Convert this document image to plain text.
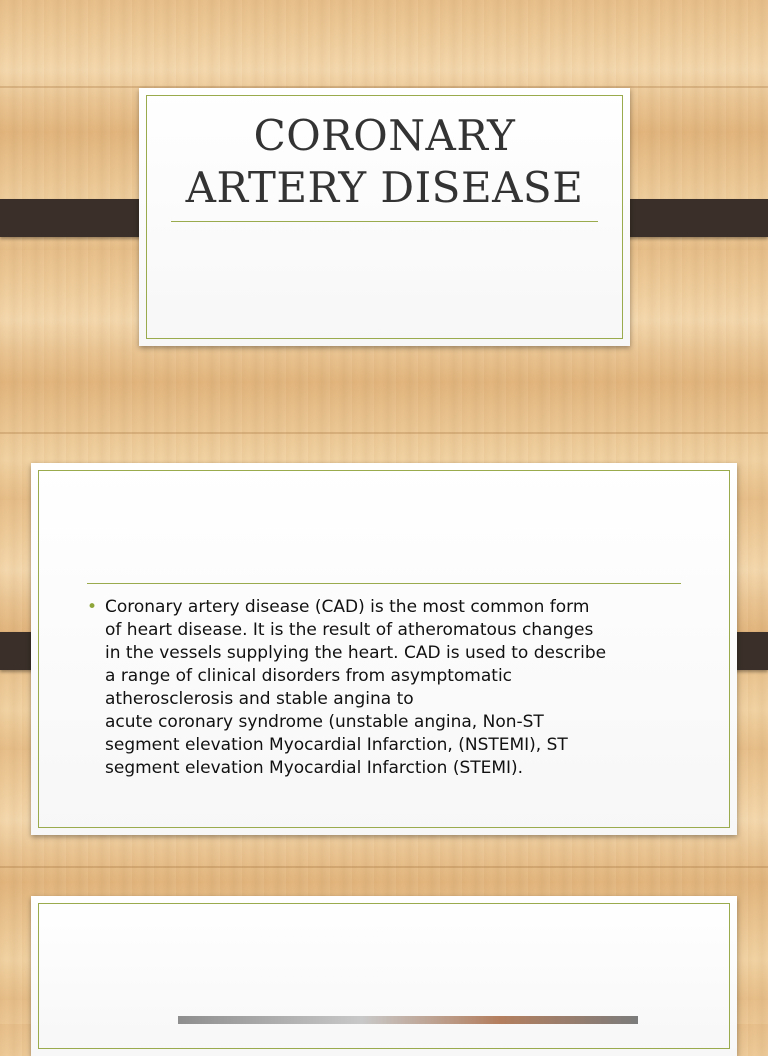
CORONARY
ARTERY DISEASE
• Coronary artery disease (CAD) is the most common form
of heart disease. It is the result of atheromatous changes
in the vessels supplying the heart. CAD is used to describe
a range of clinical disorders from asymptomatic
atherosclerosis and stable angina to
acute coronary syndrome (unstable angina, Non-ST
segment elevation Myocardial Infarction, (NSTEMI), ST
segment elevation Myocardial Infarction (STEMI).
